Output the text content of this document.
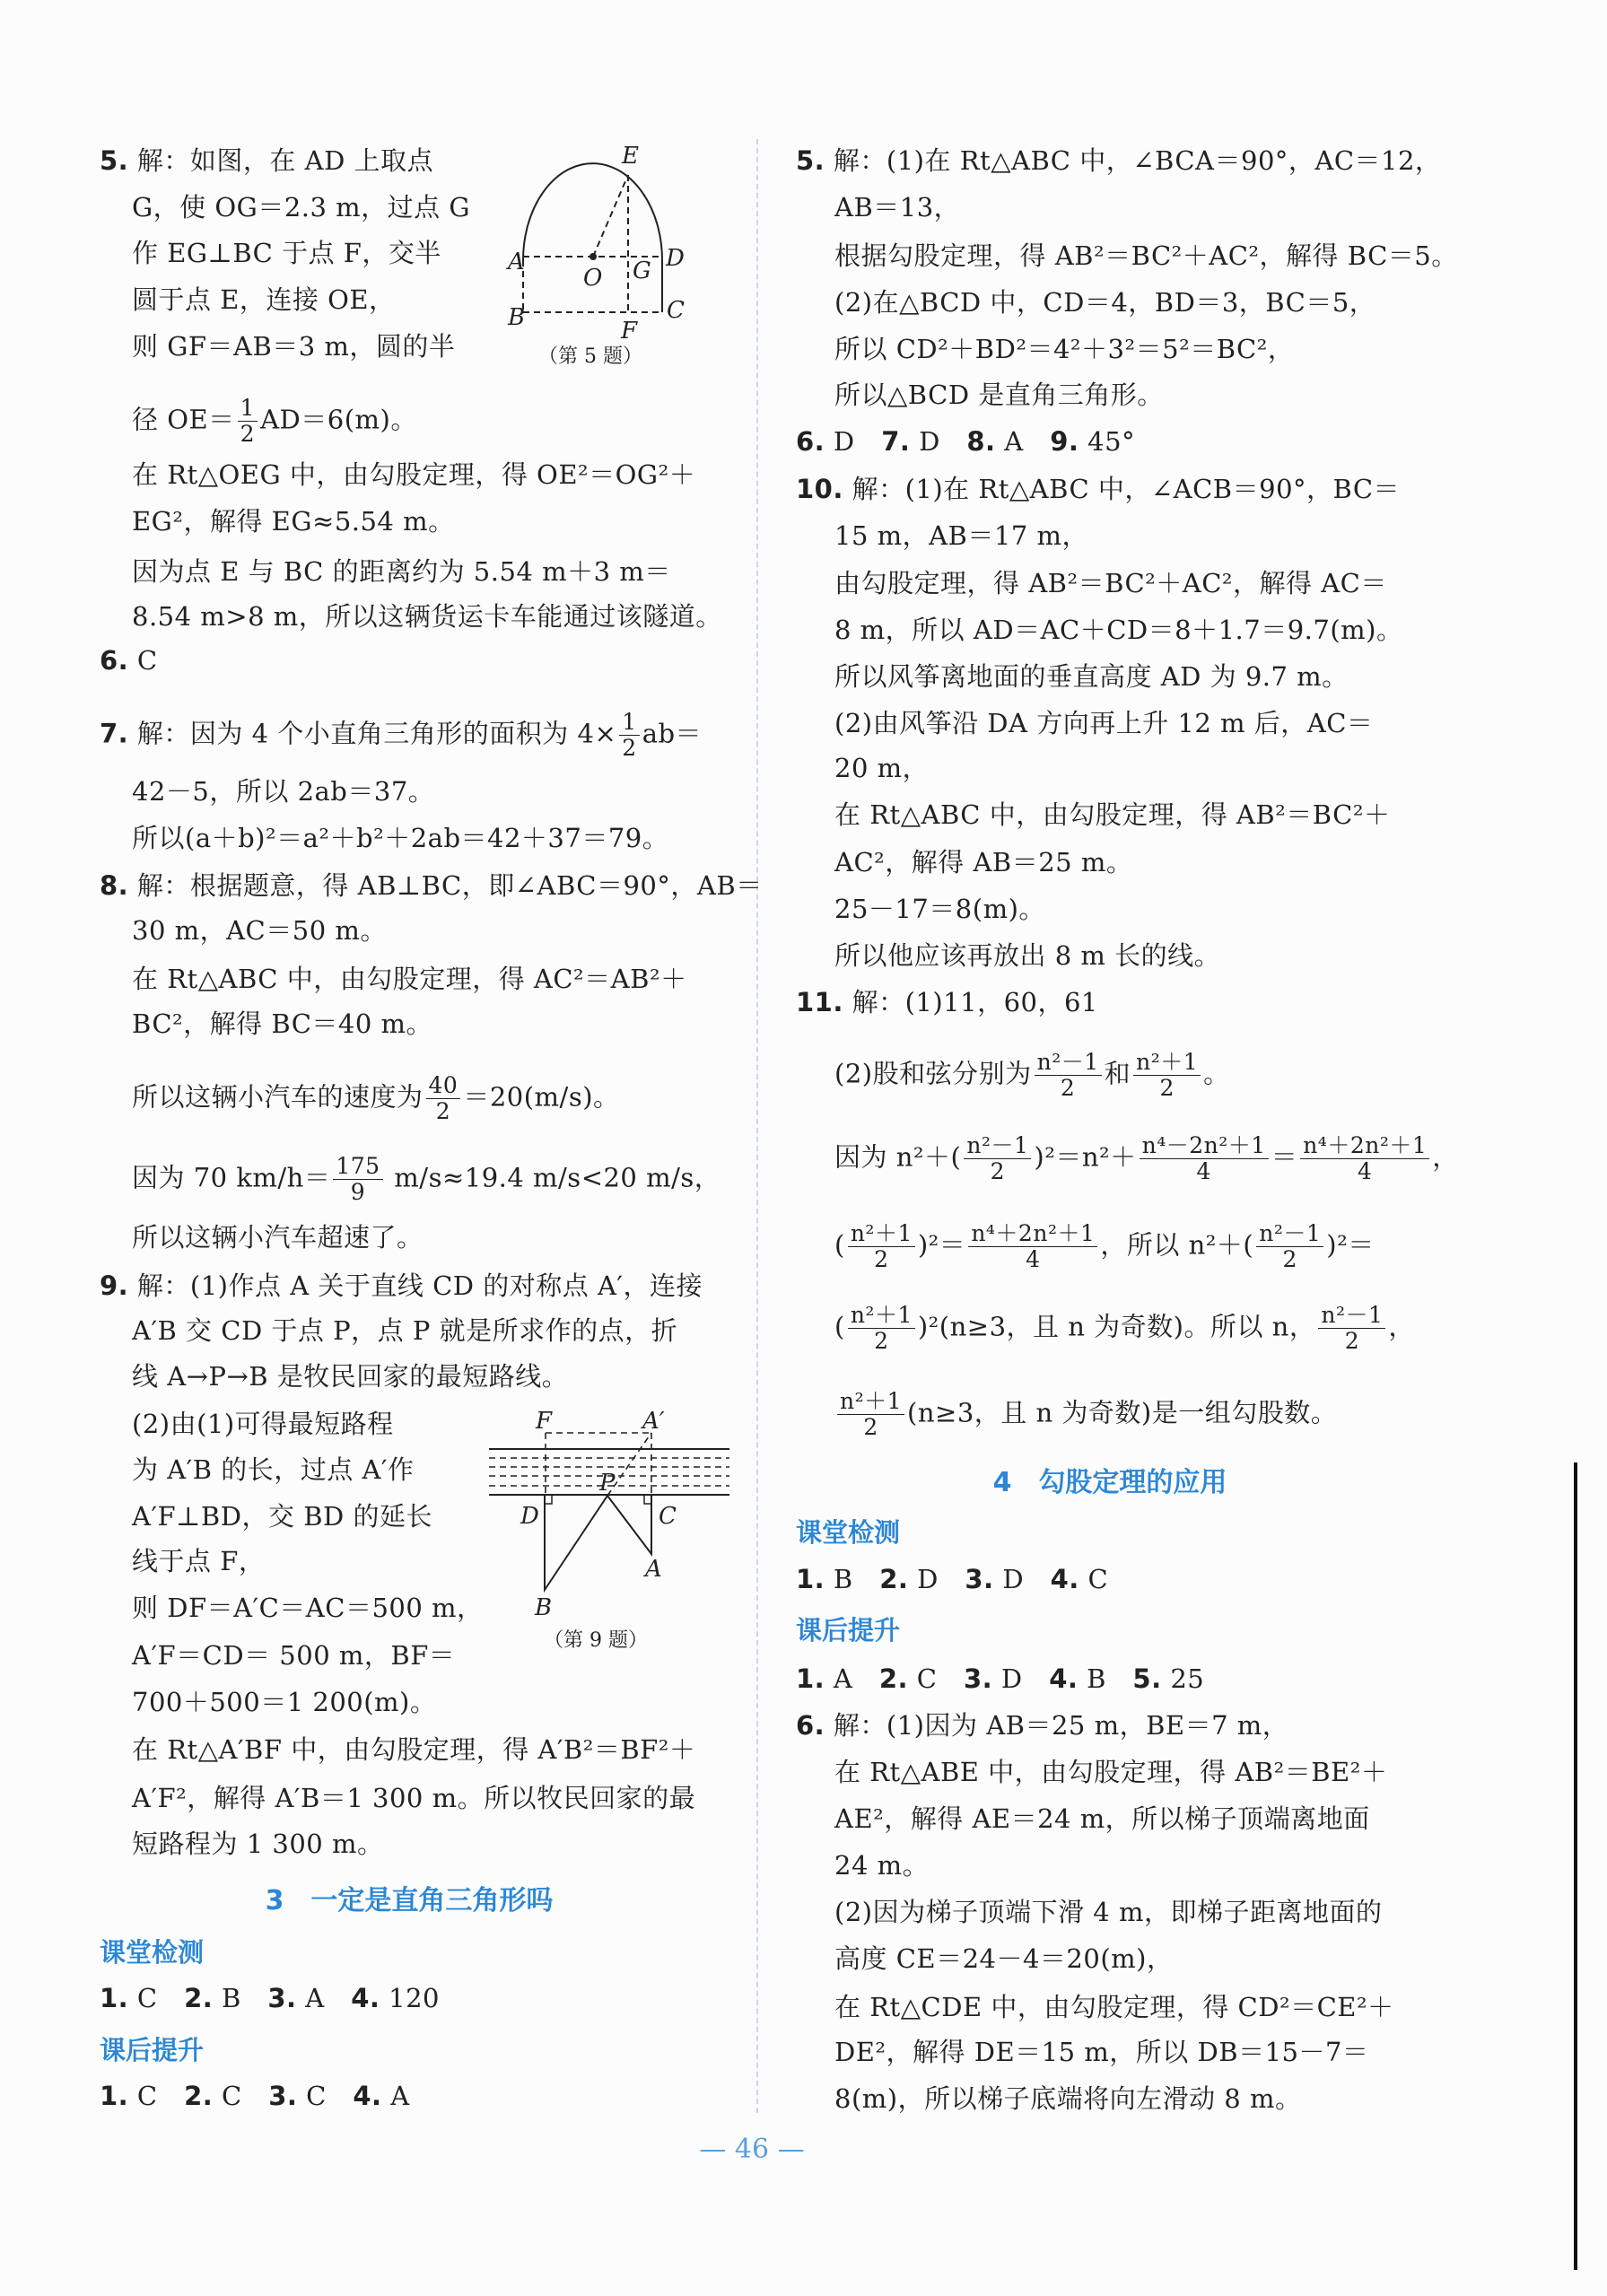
5. 解：如图，在 AD 上取点
G，使 OG＝2.3 m，过点 G
作 EG⊥BC 于点 F，交半
圆于点 E，连接 OE，
则 GF＝AB＝3 m，圆的半
径 $OE= \frac{1}{2} AD=6(m)$。
在 Rt△OEG 中，由勾股定理，得 OE²＝OG²＋
EG²，解得 EG≈5.54 m。
因为点 E 与 BC 的距离约为 5.54 m＋3 m＝
8.54 m>8 m，所以这辆货运卡车能通过该隧道。
6. C
7. 解：因为 4 个小直角三角形的面积为 $4\times \frac{1}{2} ab=$
42－5，所以 2ab＝37。
所以(a＋b)²＝a²＋b²＋2ab＝42＋37＝79。
8. 解：根据题意，得 AB⊥BC，即∠ABC＝90°，AB＝
30 m，AC＝50 m。
在 Rt△ABC 中，由勾股定理，得 AC²＝AB²＋
BC²，解得 BC＝40 m。
所以这辆小汽车的速度为 $\frac{40}{2} =20(m/s)$。
因为 70 $km/h= \frac{175}{9} m/s\approx 19.4$ m/s<20 m/s，
所以这辆小汽车超速了。
9. 解：(1)作点 A 关于直线 CD 的对称点 A′，连接
A′B 交 CD 于点 P，点 P 就是所求作的点，折
线 A→P→B 是牧民回家的最短路线。
(2)由(1)可得最短路程
为 A′B 的长，过点 A′作
A′F⊥BD，交 BD 的延长
线于点 F，
则 DF＝A′C＝AC＝500 m，
A′F＝CD＝ 500 m，BF＝
700＋500＝1 200(m)。
在 Rt△A′BF 中，由勾股定理，得 A′B²＝BF²＋
A′F²，解得 A′B＝1 300 m。所以牧民回家的最
短路程为 1 300 m。
1. C　2. B　3. A　4. 120
1. C　2. C　3. C　4. A
5. 解：(1)在 Rt△ABC 中，∠BCA＝90°，AC＝12，
AB＝13，
根据勾股定理，得 AB²＝BC²＋AC²，解得 BC＝5。
(2)在△BCD 中，CD＝4，BD＝3，BC＝5，
所以 CD²＋BD²＝4²＋3²＝5²＝BC²，
所以△BCD 是直角三角形。
6. D　7. D　8. A　9. 45°
10. 解：(1)在 Rt△ABC 中，∠ACB＝90°，BC＝
15 m，AB＝17 m，
由勾股定理，得 AB²＝BC²＋AC²，解得 AC＝
8 m，所以 AD＝AC＋CD＝8＋1.7＝9.7(m)。
所以风筝离地面的垂直高度 AD 为 9.7 m。
(2)由风筝沿 DA 方向再上升 12 m 后，AC＝
20 m，
在 Rt△ABC 中，由勾股定理，得 AB²＝BC²＋
AC²，解得 AB＝25 m。
25－17＝8(m)。
所以他应该再放出 8 m 长的线。
11. 解：(1)11，60，61
(2)股和弦分别为 $\frac{\text{n²－1}}{2}$ 和 $\frac{\text{n²＋1}}{2}$ 。
因为 $n^2+( \frac{\text{n²－1}}{2} )^2=n^2+ \frac{\text{n⁴－2n²＋1}}{4} = \frac{\text{n⁴＋2n²＋1}}{4}$ ，
( $\frac{\text{n²＋1}}{2} )^2= \frac{\text{n⁴＋2n²＋1}}{4}$ ，所以 $n^2+( \frac{\text{n²－1}}{2} )^2=$
( $\frac{\text{n²＋1}}{2} )^2(n\ge 3$，且 n 为奇数)。所以 n， $\frac{\text{n²－1}}{2}$ ，
$\frac{\text{n²＋1}}{2} (n\ge 3$，且 n 为奇数)是一组勾股数。
1. B　2. D　3. D　4. C
1. A　2. C　3. D　4. B　5. 25
6. 解：(1)因为 AB＝25 m，BE＝7 m，
在 Rt△ABE 中，由勾股定理，得 AB²＝BE²＋
AE²，解得 AE＝24 m，所以梯子顶端离地面
24 m。
(2)因为梯子顶端下滑 4 m，即梯子距离地面的
高度 CE＝24－4＝20(m)，
在 Rt△CDE 中，由勾股定理，得 CD²＝CE²＋
DE²，解得 DE＝15 m，所以 DB＝15－7＝
8(m)，所以梯子底端将向左滑动 8 m。
3　一定是直角三角形吗
课堂检测
课后提升
4　勾股定理的应用
课堂检测
课后提升
E
A
O G D
B	F
C
（第 5 题）
F	A′
P
D	C
A
B
（第 9 题）
— 46 —
